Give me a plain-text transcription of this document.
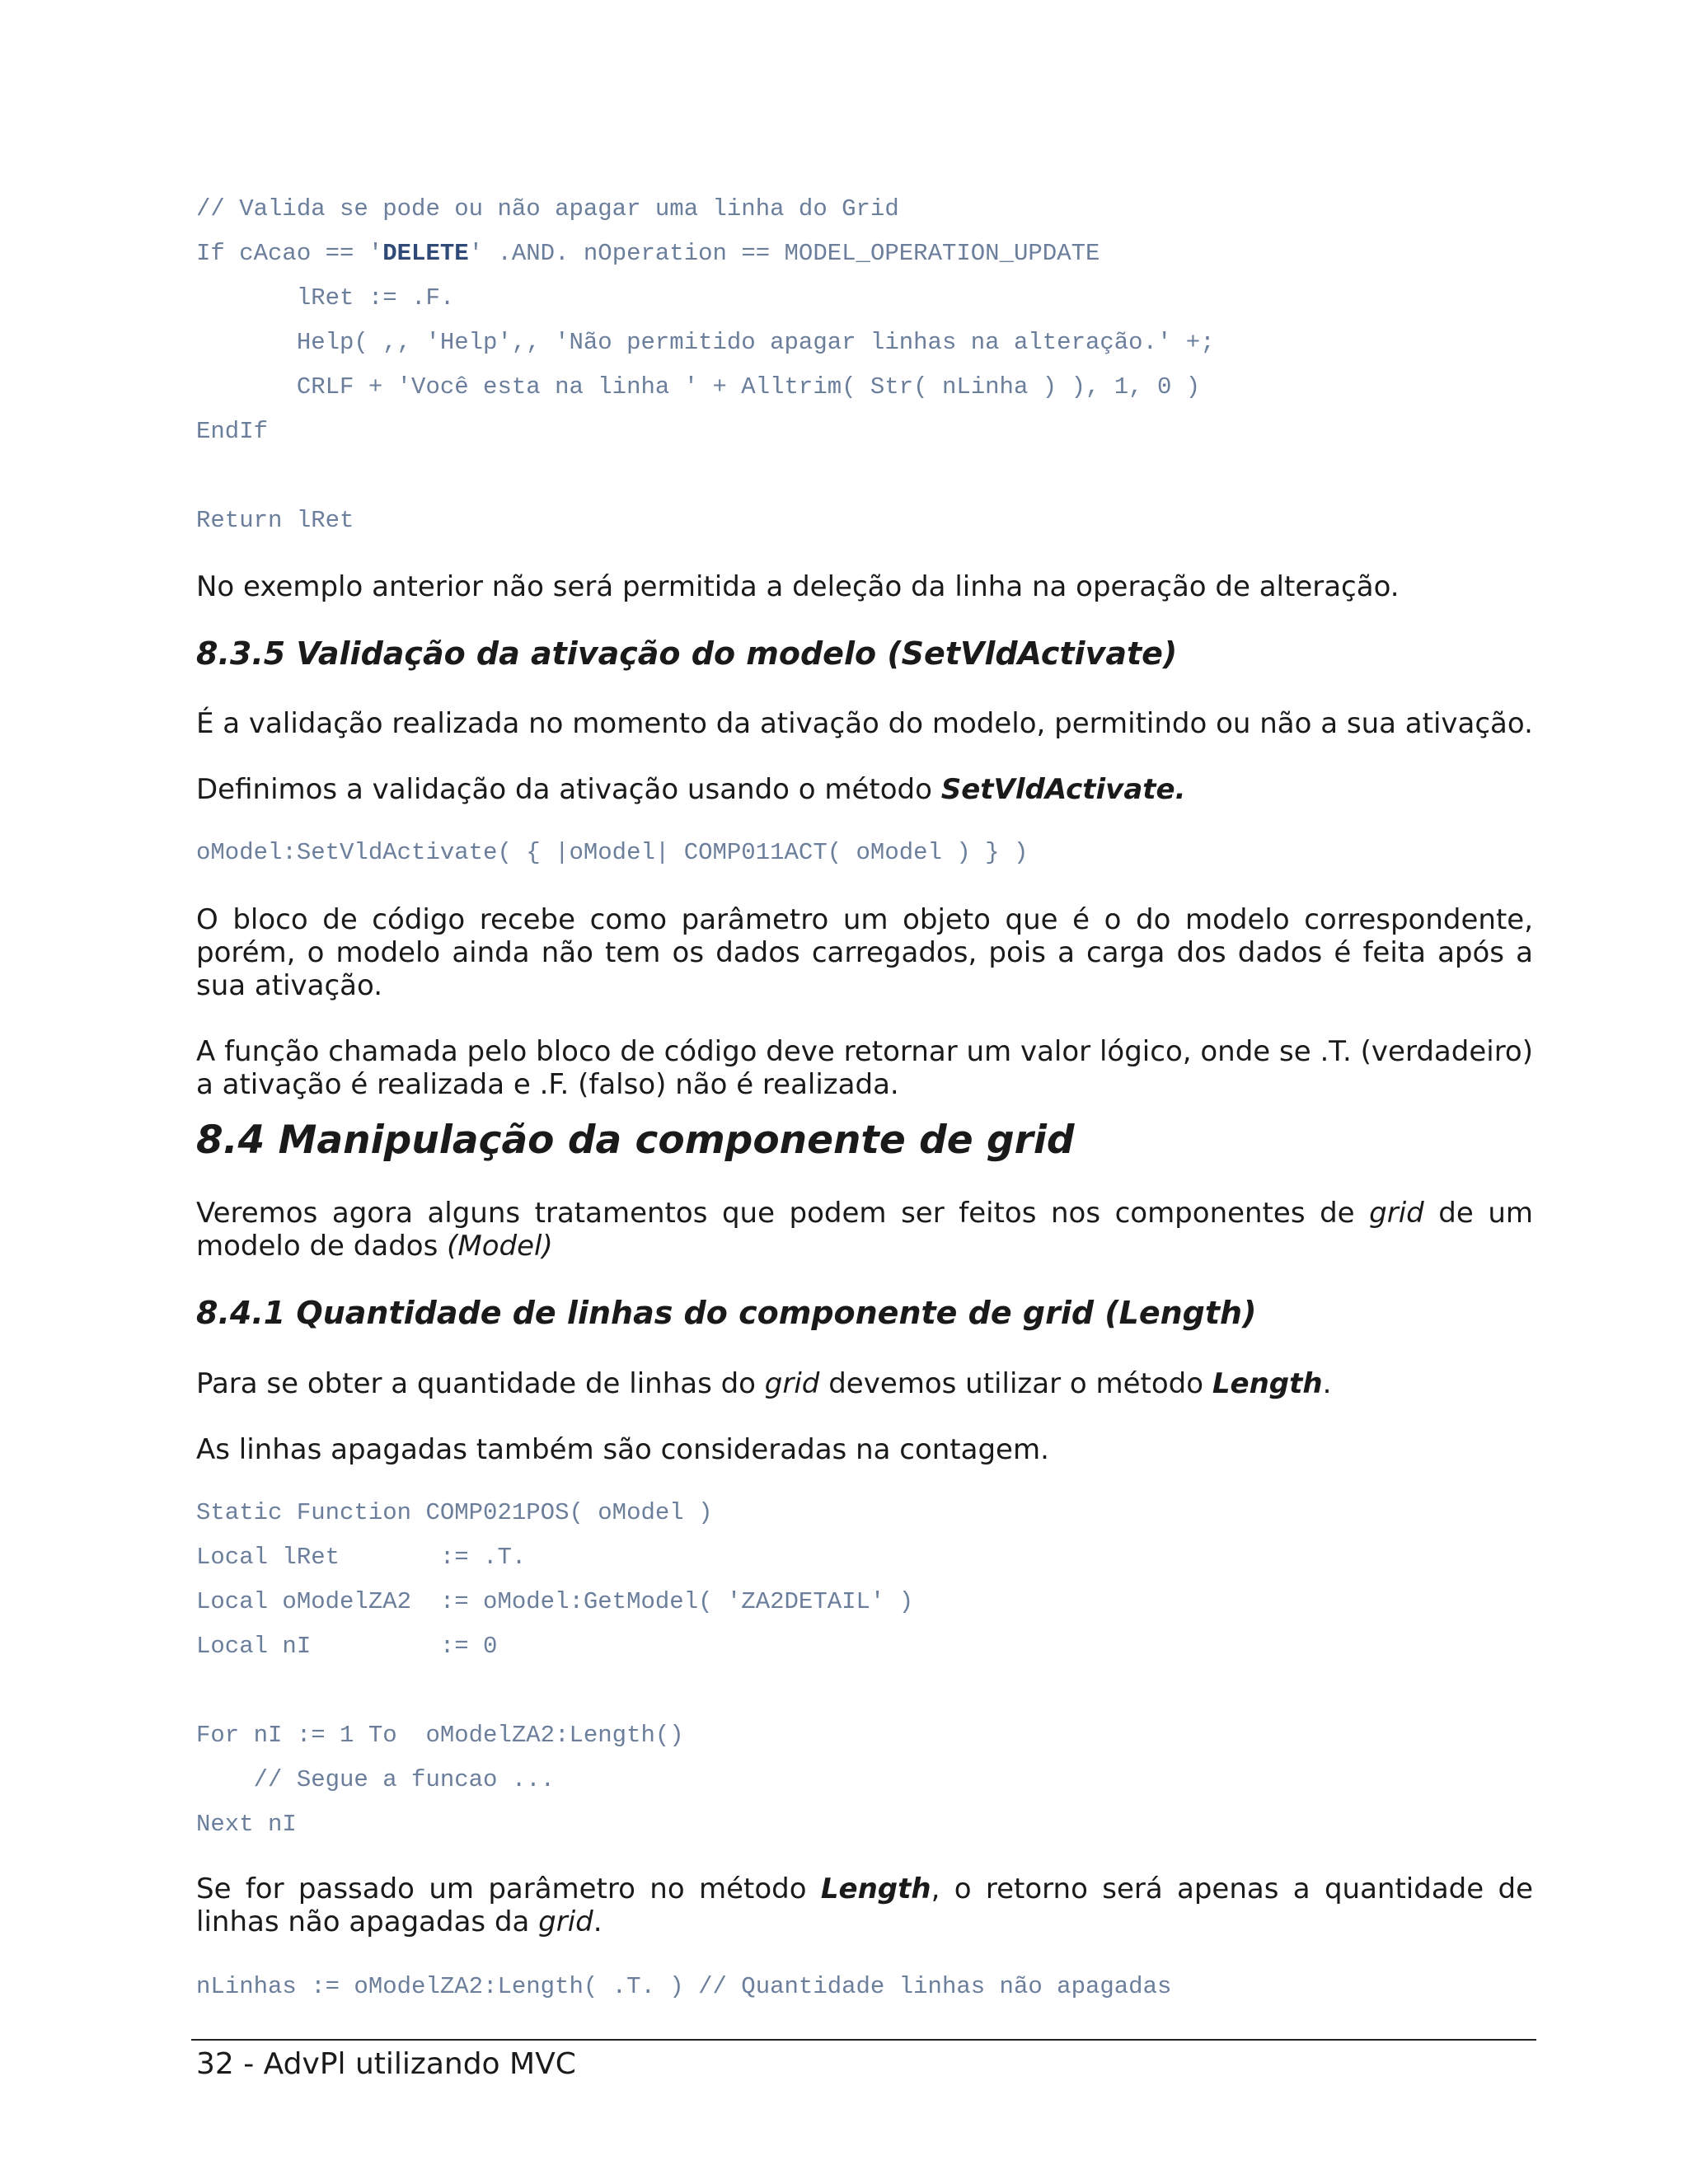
// Valida se pode ou não apagar uma linha do Grid
If cAcao == 'DELETE' .AND. nOperation == MODEL_OPERATION_UPDATE
lRet := .F.
Help( ,, 'Help',, 'Não permitido apagar linhas na alteração.' +;
CRLF + 'Você esta na linha ' + Alltrim( Str( nLinha ) ), 1, 0 )
EndIf
Return lRet
No exemplo anterior não será permitida a deleção da linha na operação de alteração.
8.3.5 Validação da ativação do modelo (SetVldActivate)
É a validação realizada no momento da ativação do modelo, permitindo ou não a sua ativação.
Definimos a validação da ativação usando o método SetVldActivate.
oModel:SetVldActivate( { |oModel| COMP011ACT( oModel ) } )
O bloco de código recebe como parâmetro um objeto que é o do modelo correspondente, porém, o modelo ainda não tem os dados carregados, pois a carga dos dados é feita após a sua ativação.
A função chamada pelo bloco de código deve retornar um valor lógico, onde se .T. (verdadeiro) a ativação é realizada e .F. (falso) não é realizada.
8.4 Manipulação da componente de grid
Veremos agora alguns tratamentos que podem ser feitos nos componentes de grid de um modelo de dados (Model)
8.4.1 Quantidade de linhas do componente de grid (Length)
Para se obter a quantidade de linhas do grid devemos utilizar o método Length.
As linhas apagadas também são consideradas na contagem.
Static Function COMP021POS( oModel )
Local lRet       := .T.
Local oModelZA2  := oModel:GetModel( 'ZA2DETAIL' )
Local nI         := 0
For nI := 1 To  oModelZA2:Length()
// Segue a funcao ...
Next nI
Se for passado um parâmetro no método Length, o retorno será apenas a quantidade de linhas não apagadas da grid.
nLinhas := oModelZA2:Length( .T. ) // Quantidade linhas não apagadas
32 - AdvPl utilizando MVC
